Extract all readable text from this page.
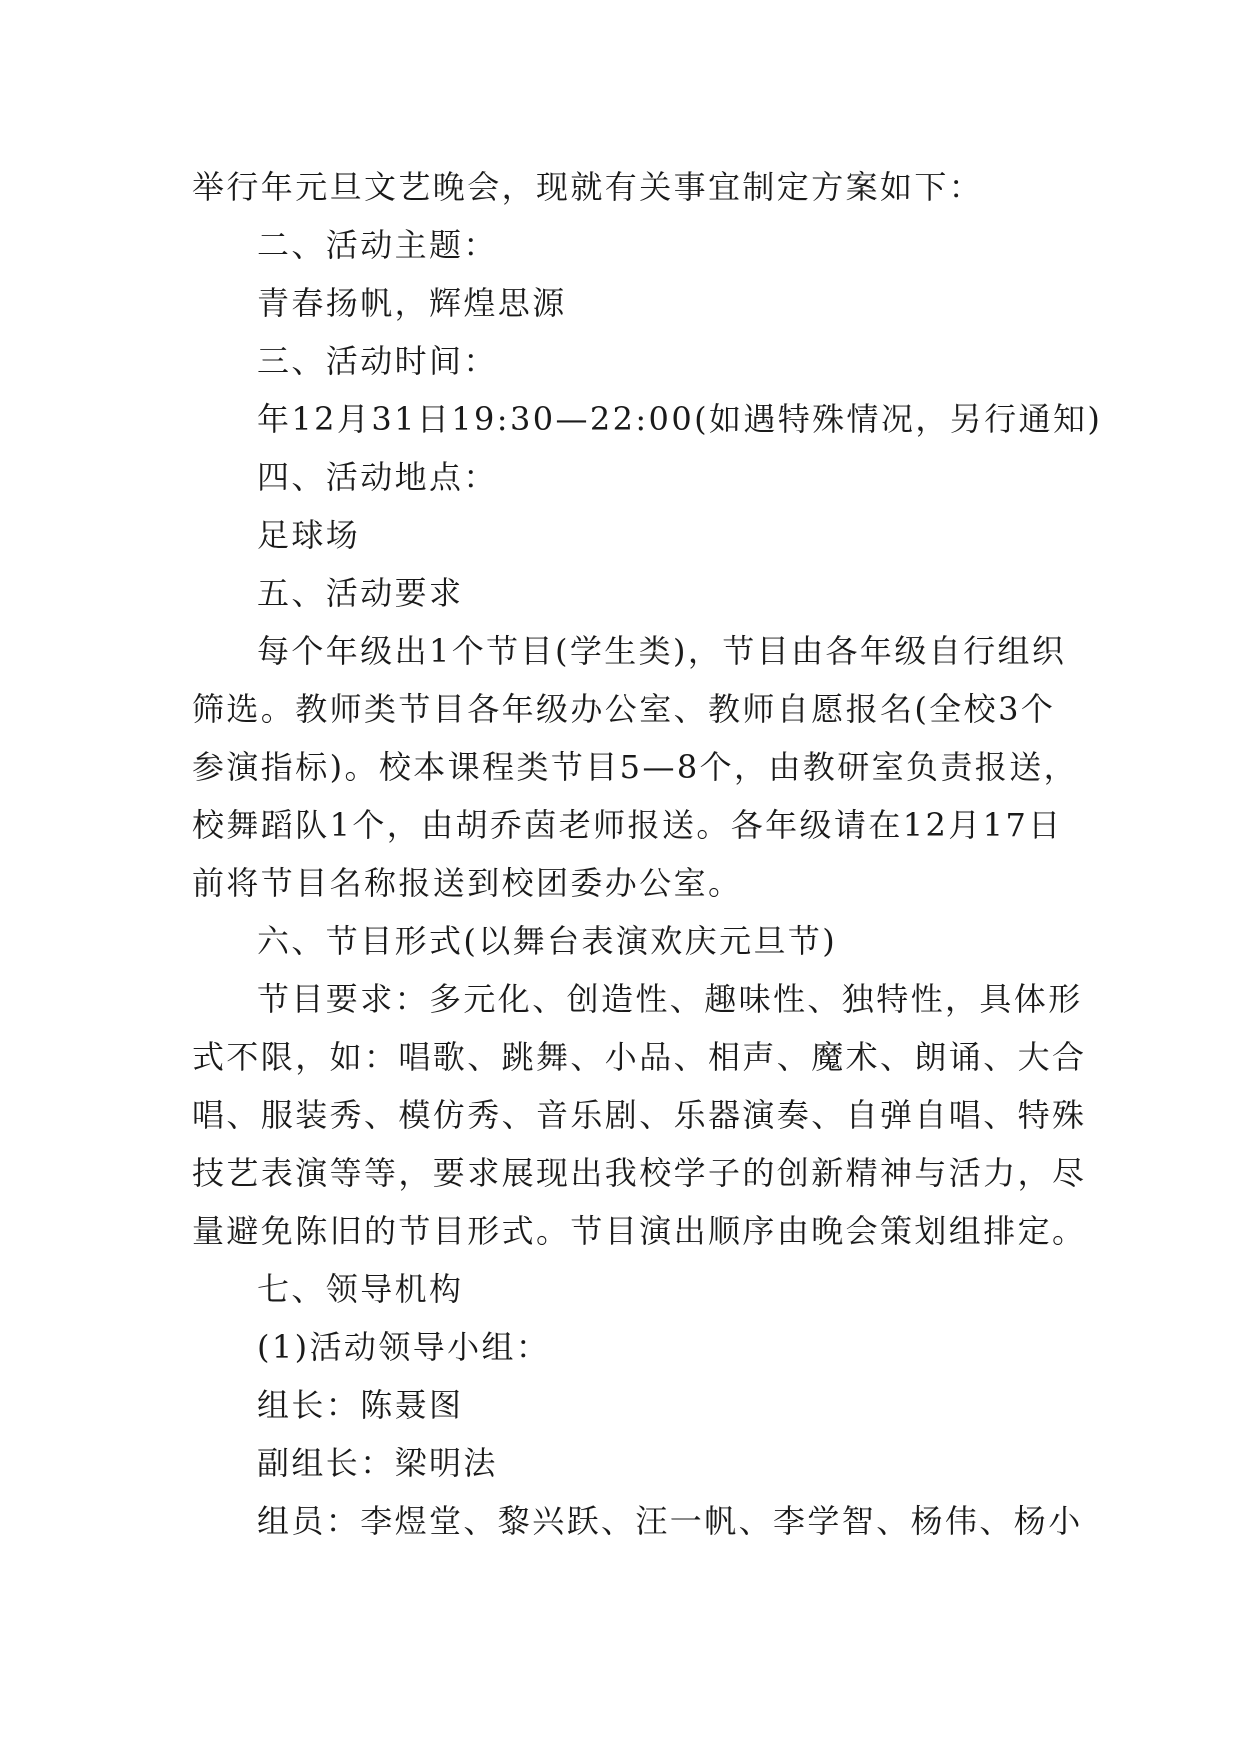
举行年元旦文艺晚会，现就有关事宜制定方案如下：
二、活动主题：
青春扬帆，辉煌思源
三、活动时间：
年12月31日19:30—22:00(如遇特殊情况，另行通知)
四、活动地点：
足球场
五、活动要求
每个年级出1个节目(学生类)，节目由各年级自行组织
筛选。教师类节目各年级办公室、教师自愿报名(全校3个
参演指标)。校本课程类节目5—8个，由教研室负责报送，
校舞蹈队1个，由胡乔茵老师报送。各年级请在12月17日
前将节目名称报送到校团委办公室。
六、节目形式(以舞台表演欢庆元旦节)
节目要求：多元化、创造性、趣味性、独特性，具体形
式不限，如：唱歌、跳舞、小品、相声、魔术、朗诵、大合
唱、服装秀、模仿秀、音乐剧、乐器演奏、自弹自唱、特殊
技艺表演等等，要求展现出我校学子的创新精神与活力，尽
量避免陈旧的节目形式。节目演出顺序由晚会策划组排定。
七、领导机构
(1)活动领导小组：
组长：陈聂图
副组长：梁明法
组员：李煜堂、黎兴跃、汪一帆、李学智、杨伟、杨小
